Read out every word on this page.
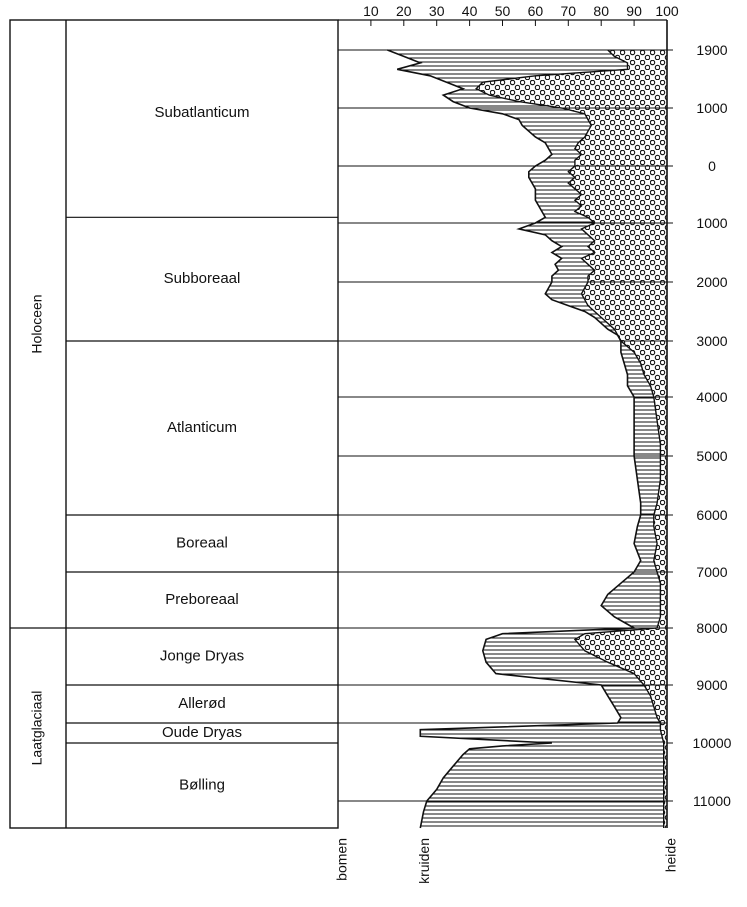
Holoceen
Laatglaciaal
Subatlanticum
Subboreaal
Atlanticum
Boreaal
Preboreaal
Jonge Dryas
Allerød
Oude Dryas
Bølling
10 20 30 40 50 60 70 80 90 100
1900
1000
0
1000
2000
3000
4000
5000
6000
7000
8000
9000
10000
11000
bomen	kruiden	heide
